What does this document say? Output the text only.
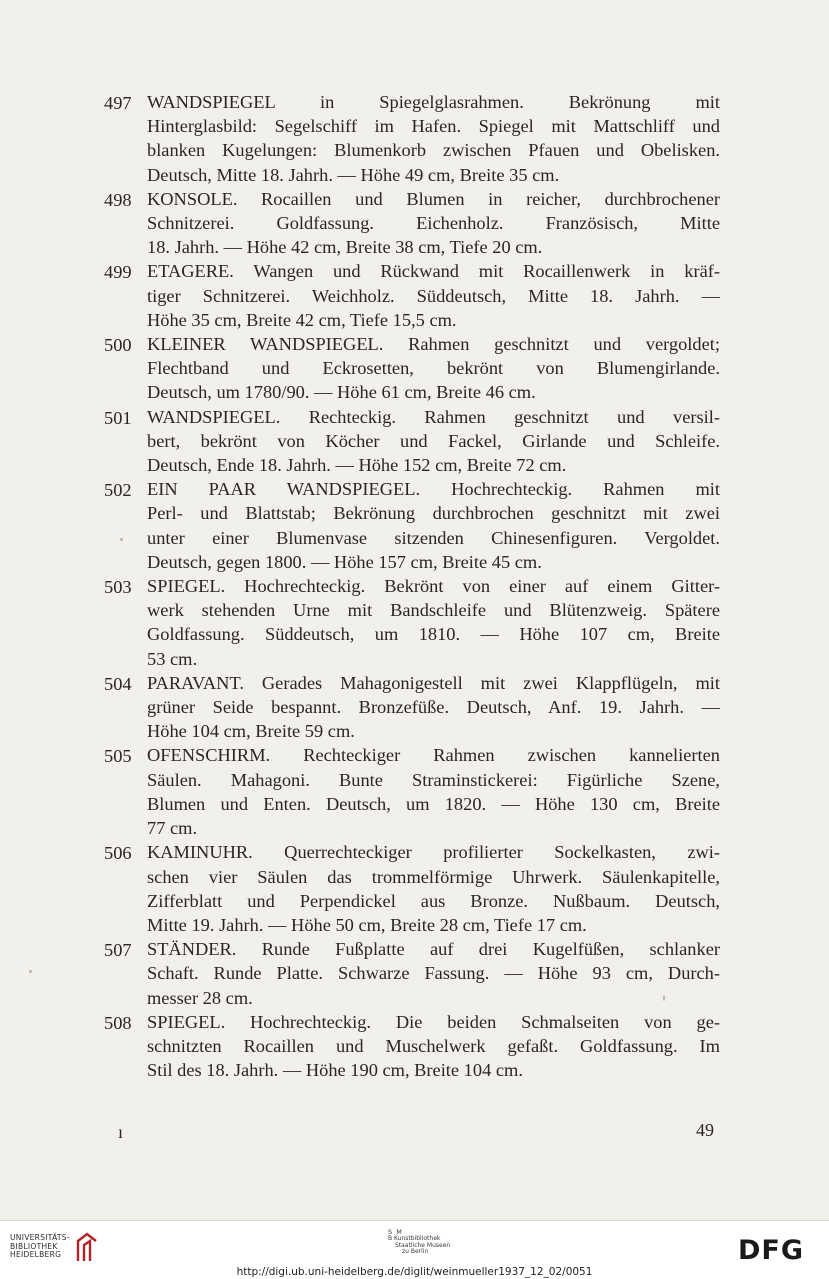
497 WANDSPIEGEL in Spiegelglasrahmen. Bekrönung mit
Hinterglasbild: Segelschiff im Hafen. Spiegel mit Mattschliff und
blanken Kugelungen: Blumenkorb zwischen Pfauen und Obelisken.
Deutsch, Mitte 18. Jahrh. — Höhe 49 cm, Breite 35 cm.
498 KONSOLE. Rocaillen und Blumen in reicher, durchbrochener
Schnitzerei. Goldfassung. Eichenholz. Französisch, Mitte
18. Jahrh. — Höhe 42 cm, Breite 38 cm, Tiefe 20 cm.
499 ETAGERE. Wangen und Rückwand mit Rocaillenwerk in kräf-
tiger Schnitzerei. Weichholz. Süddeutsch, Mitte 18. Jahrh. —
Höhe 35 cm, Breite 42 cm, Tiefe 15,5 cm.
500 KLEINER WANDSPIEGEL. Rahmen geschnitzt und vergoldet;
Flechtband und Eckrosetten, bekrönt von Blumengirlande.
Deutsch, um 1780/90. — Höhe 61 cm, Breite 46 cm.
501 WANDSPIEGEL. Rechteckig. Rahmen geschnitzt und versil-
bert, bekrönt von Köcher und Fackel, Girlande und Schleife.
Deutsch, Ende 18. Jahrh. — Höhe 152 cm, Breite 72 cm.
502 EIN PAAR WANDSPIEGEL. Hochrechteckig. Rahmen mit
Perl- und Blattstab; Bekrönung durchbrochen geschnitzt mit zwei
unter einer Blumenvase sitzenden Chinesenfiguren. Vergoldet.
Deutsch, gegen 1800. — Höhe 157 cm, Breite 45 cm.
503 SPIEGEL. Hochrechteckig. Bekrönt von einer auf einem Gitter-
werk stehenden Urne mit Bandschleife und Blütenzweig. Spätere
Goldfassung. Süddeutsch, um 1810. — Höhe 107 cm, Breite
53 cm.
504 PARAVANT. Gerades Mahagonigestell mit zwei Klappflügeln, mit
grüner Seide bespannt. Bronzefüße. Deutsch, Anf. 19. Jahrh. —
Höhe 104 cm, Breite 59 cm.
505 OFENSCHIRM. Rechteckiger Rahmen zwischen kannelierten
Säulen. Mahagoni. Bunte Straminstickerei: Figürliche Szene,
Blumen und Enten. Deutsch, um 1820. — Höhe 130 cm, Breite
77 cm.
506 KAMINUHR. Querrechteckiger profilierter Sockelkasten, zwi-
schen vier Säulen das trommelförmige Uhrwerk. Säulenkapitelle,
Zifferblatt und Perpendickel aus Bronze. Nußbaum. Deutsch,
Mitte 19. Jahrh. — Höhe 50 cm, Breite 28 cm, Tiefe 17 cm.
507 STÄNDER. Runde Fußplatte auf drei Kugelfüßen, schlanker
Schaft. Runde Platte. Schwarze Fassung. — Höhe 93 cm, Durch-
messer 28 cm.
508 SPIEGEL. Hochrechteckig. Die beiden Schmalseiten von ge-
schnitzten Rocaillen und Muschelwerk gefaßt. Goldfassung. Im
Stil des 18. Jahrh. — Höhe 190 cm, Breite 104 cm.
ı	49
UNIVERSITÄTS-
BIBLIOTHEK
HEIDELBERG
S M
B Kunstbibliothek
Staatliche Museen
zu Berlin
http://digi.ub.uni-heidelberg.de/diglit/weinmueller1937_12_02/0051
DFG
